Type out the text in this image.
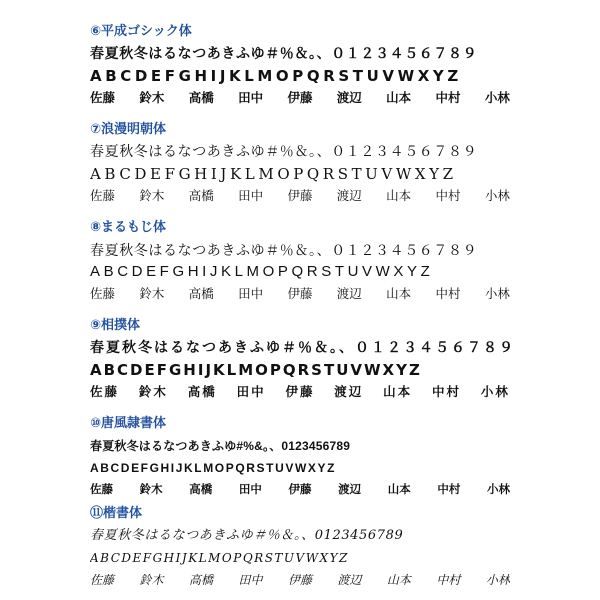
⑥平成ゴシック体
春夏秋冬はるなつあきふゆ＃％＆。、０１２３４５６７８９
ABCDEFGHIJKLMOPQRSTUVWXYZ
佐藤 鈴木 高橋 田中 伊藤 渡辺 山本 中村 小林
⑦浪漫明朝体
春夏秋冬はるなつあきふゆ＃％＆。、０１２３４５６７８９
ABCDEFGHIJKLMOPQRSTUVWXYZ
佐藤 鈴木 高橋 田中 伊藤 渡辺 山本 中村 小林
⑧まるもじ体
春夏秋冬はるなつあきふゆ＃％＆。、０１２３４５６７８９
ABCDEFGHIJKLMOPQRSTUVWXYZ
佐藤 鈴木 高橋 田中 伊藤 渡辺 山本 中村 小林
⑨相撲体
春夏秋冬はるなつあきふゆ＃％＆。、０１２３４５６７８９
ABCDEFGHIJKLMOPQRSTUVWXYZ
佐藤 鈴木 高橋 田中 伊藤 渡辺 山本 中村 小林
⑩唐風隷書体
春夏秋冬はるなつあきふゆ#%&。、0123456789
ABCDEFGHIJKLMOPQRSTUVWXYZ
佐藤 鈴木 高橋 田中 伊藤 渡辺 山本 中村 小林
⑪楷書体
春夏秋冬はるなつあきふゆ＃％＆。、0123456789
ABCDEFGHIJKLMOPQRSTUVWXYZ
佐藤 鈴木 高橋 田中 伊藤 渡辺 山本 中村 小林
